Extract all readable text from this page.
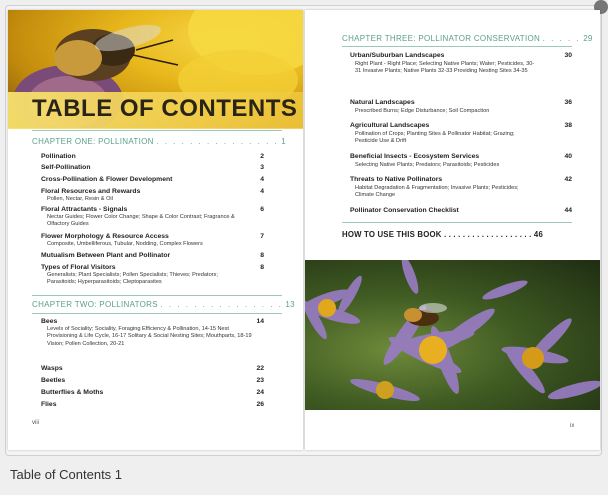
TABLE OF CONTENTS
CHAPTER ONE: POLLINATION . . . . . . . . . . . . . . . 1
Pollination	2
Self-Pollination	3
Cross-Pollination & Flower Development	4
Floral Resources and Rewards	4
Pollen, Nectar, Resin & Oil
Floral Attractants - Signals	6
Nectar Guides; Flower Color Change; Shape & Color Contrast; Fragrance & Olfactory Guides
Flower Morphology & Resource Access	7
Composite, Umbelliferous, Tubular, Nodding, Complex Flowers
Mutualism Between Plant and Pollinator	8
Types of Floral Visitors	8
Generalists; Plant Specialists; Pollen Specialists; Thieves; Predators; Parasitoids; Hyperparasitoids; Cleptoparasites
CHAPTER TWO: POLLINATORS . . . . . . . . . . . . . . . 13
Bees	14
Levels of Sociality; Sociality, Foraging Efficiency & Pollination, 14-15 Nest Provisioning & Life Cycle, 16-17 Solitary & Social Nesting Sites; Mouthparts, 18-19 Vision; Pollen Collection, 20-21
Wasps	22
Beetles	23
Butterflies & Moths	24
Flies	26
viii
CHAPTER THREE: POLLINATOR CONSERVATION . . . . . 29
Urban/Suburban Landscapes	30
Right Plant - Right Place; Selecting Native Plants; Water; Pesticides, 30-31 Invasive Plants; Native Plants 32-33 Providing Nesting Sites 34-35
Natural Landscapes	36
Prescribed Burns; Edge Disturbance; Soil Compaction
Agricultural Landscapes	38
Pollination of Crops; Planting Sites & Pollinator Habitat; Grazing; Pesticide Use & Drift
Beneficial Insects - Ecosystem Services	40
Selecting Native Plants; Predators; Parasitoids; Pesticides
Threats to Native Pollinators	42
Habitat Degradation & Fragmentation; Invasive Plants; Pesticides; Climate Change
Pollinator Conservation Checklist	44
HOW TO USE THIS BOOK . . . . . . . . . . . . . . . . . . . 46
ix
Table of Contents 1
